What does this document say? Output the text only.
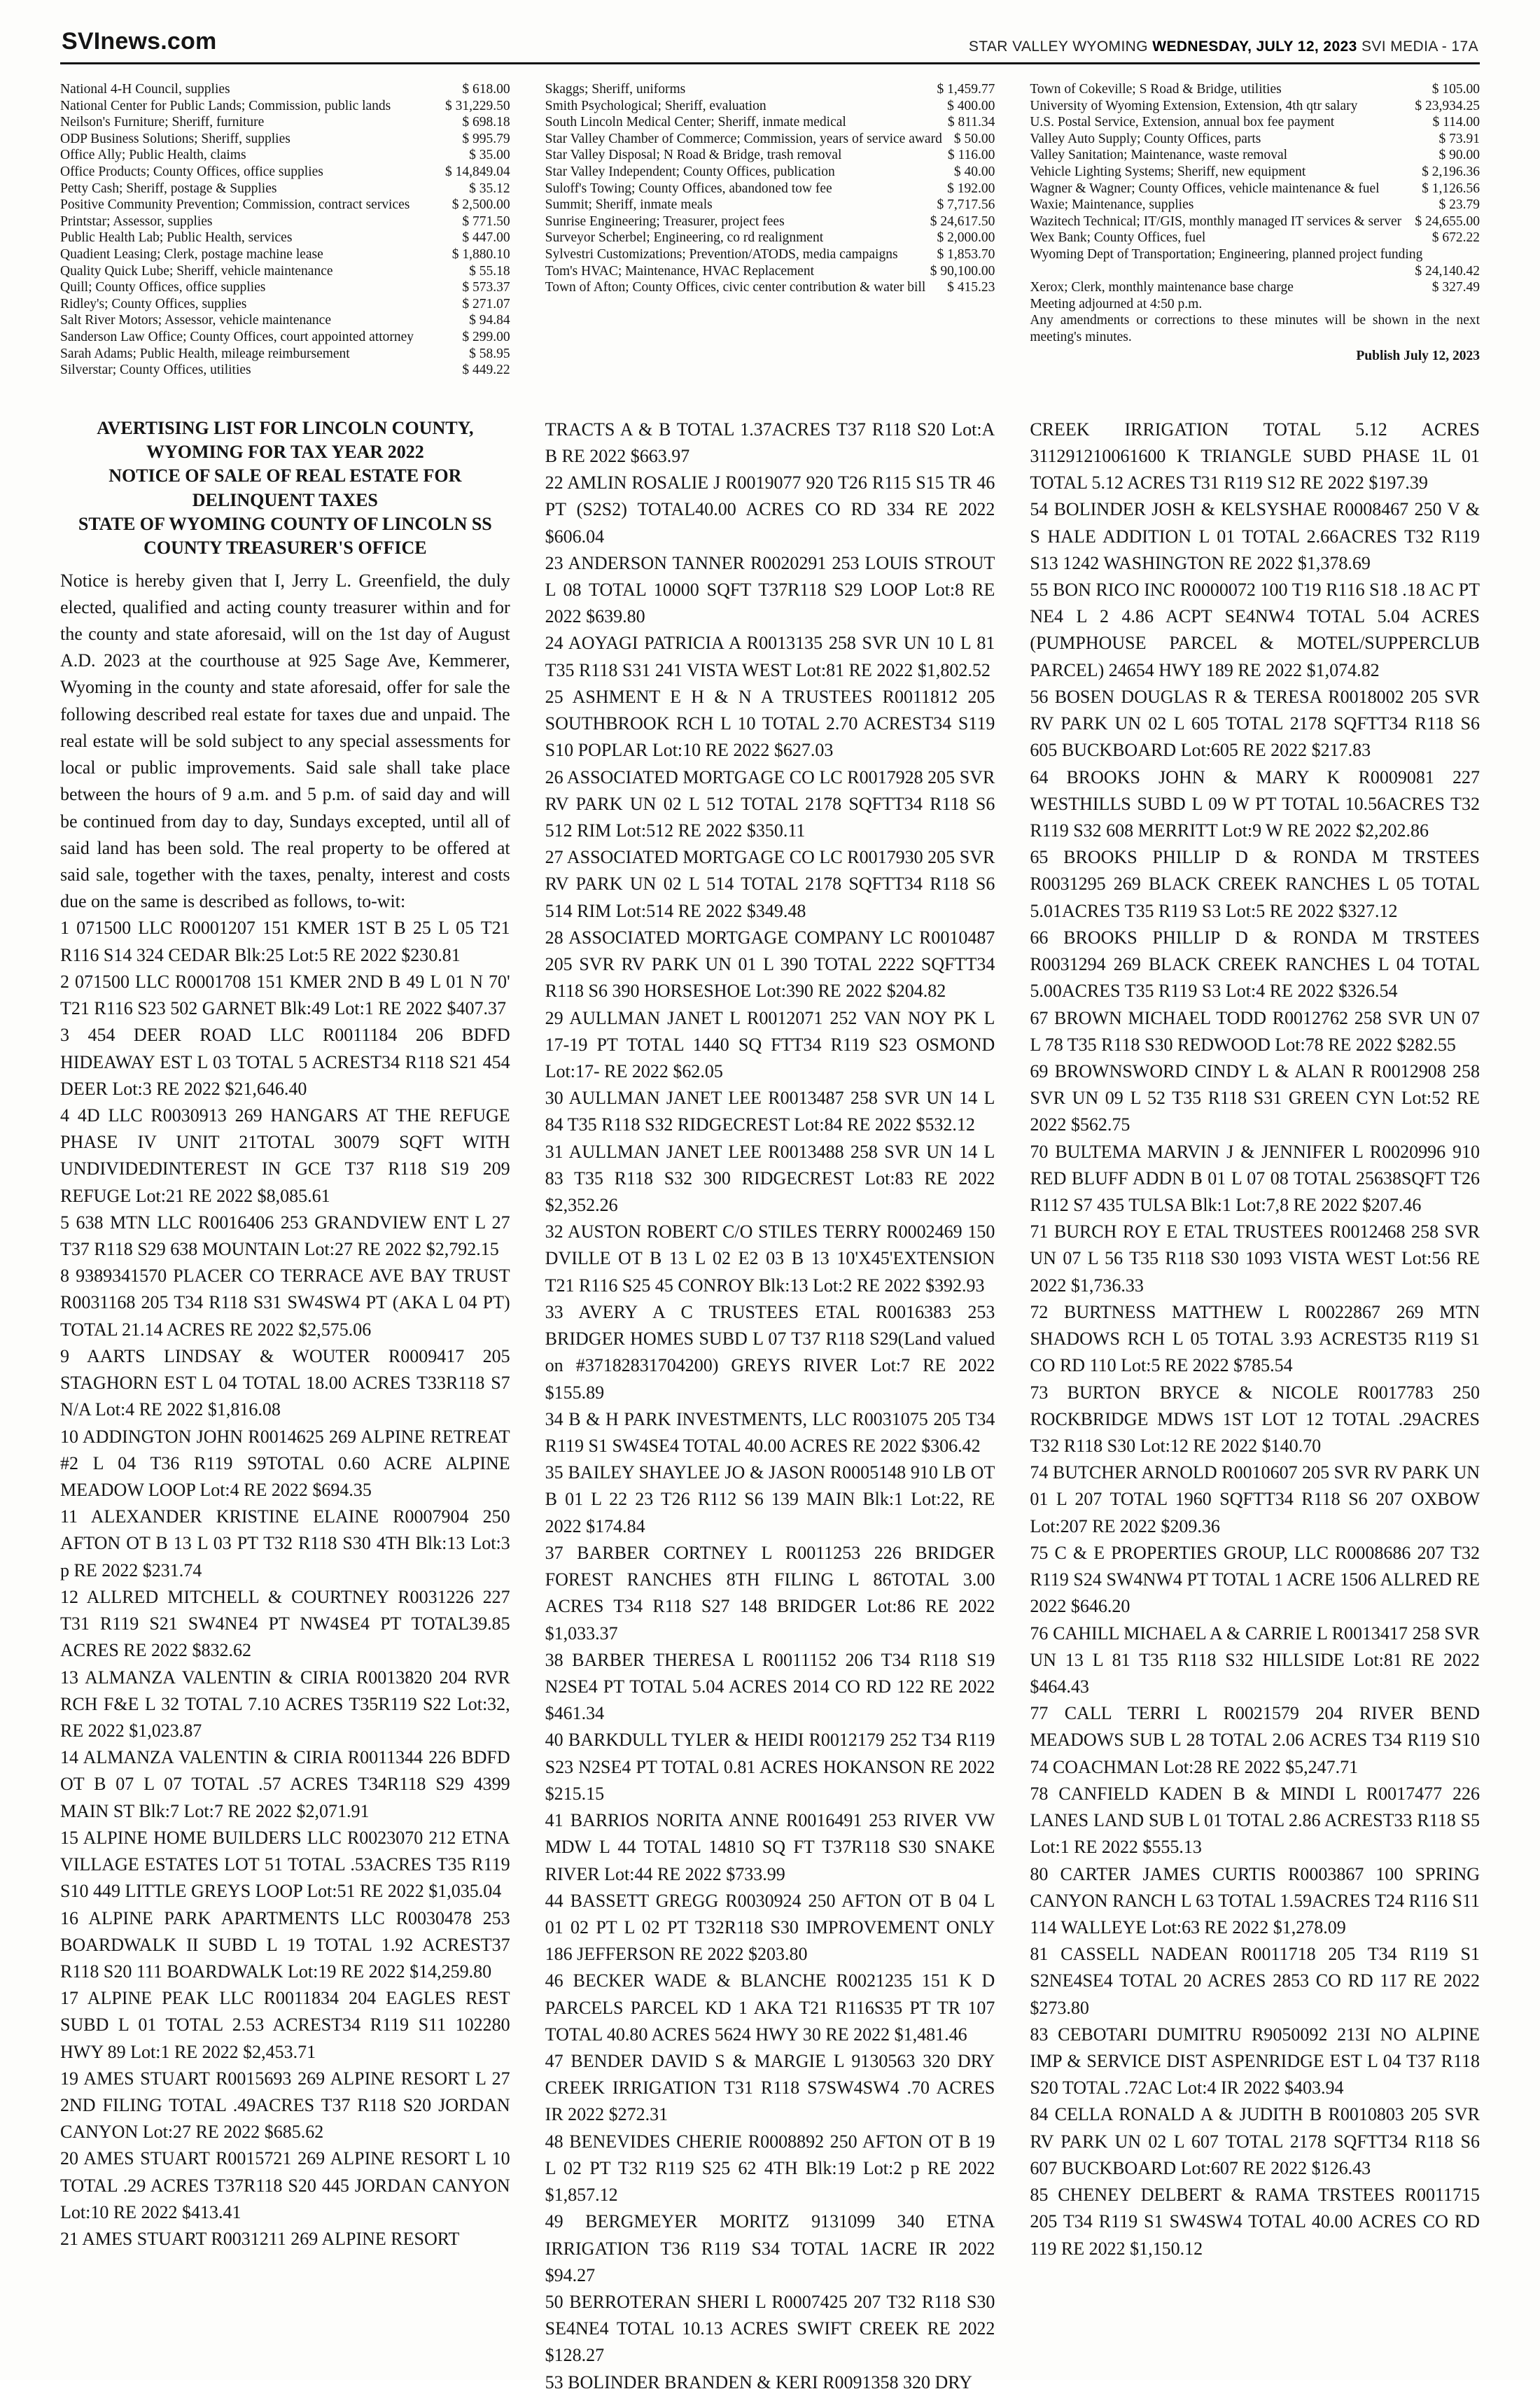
SVInews.com	STAR VALLEY WYOMING WEDNESDAY, JULY 12, 2023 SVI MEDIA - 17A

National 4-H Council, supplies	$ 618.00

National Center for Public Lands; Commission, public lands	$ 31,229.50

Neilson's Furniture; Sheriff, furniture	$ 698.18

ODP Business Solutions; Sheriff, supplies	$ 995.79

Office Ally; Public Health, claims	$ 35.00

Office Products; County Offices, office supplies	$ 14,849.04

Petty Cash; Sheriff, postage & Supplies	$ 35.12

Positive Community Prevention; Commission, contract services	$ 2,500.00

Printstar; Assessor, supplies	$ 771.50

Public Health Lab; Public Health, services	$ 447.00

Quadient Leasing; Clerk, postage machine lease	$ 1,880.10

Quality Quick Lube; Sheriff, vehicle maintenance	$ 55.18

Quill; County Offices, office supplies	$ 573.37

Ridley's; County Offices, supplies	$ 271.07

Salt River Motors; Assessor, vehicle maintenance	$ 94.84

Sanderson Law Office; County Offices, court appointed attorney	$ 299.00

Sarah Adams; Public Health, mileage reimbursement	$ 58.95

Silverstar; County Offices, utilities	$ 449.22

Skaggs; Sheriff, uniforms	$ 1,459.77

Smith Psychological; Sheriff, evaluation	$ 400.00

South Lincoln Medical Center; Sheriff, inmate medical	$ 811.34

Star Valley Chamber of Commerce; Commission, years of service award $ 50.00

Star Valley Disposal; N Road & Bridge, trash removal	$ 116.00

Star Valley Independent; County Offices, publication	$ 40.00

Suloff's Towing; County Offices, abandoned tow fee	$ 192.00

Summit; Sheriff, inmate meals	$ 7,717.56

Sunrise Engineering; Treasurer, project fees	$ 24,617.50

Surveyor Scherbel; Engineering, co rd realignment	$ 2,000.00

Sylvestri Customizations; Prevention/ATODS, media campaigns	$ 1,853.70

Tom's HVAC; Maintenance, HVAC Replacement	$ 90,100.00

Town of Afton; County Offices, civic center contribution & water bill	$ 415.23

Town of Cokeville; S Road & Bridge, utilities	$ 105.00

University of Wyoming Extension, Extension, 4th qtr salary	$ 23,934.25

U.S. Postal Service, Extension, annual box fee payment	$ 114.00

Valley Auto Supply; County Offices, parts	$ 73.91

Valley Sanitation; Maintenance, waste removal	$ 90.00

Vehicle Lighting Systems; Sheriff, new equipment	$ 2,196.36

Wagner & Wagner; County Offices, vehicle maintenance & fuel	$ 1,126.56

Waxie; Maintenance, supplies	$ 23.79

Wazitech Technical; IT/GIS, monthly managed IT services & server $ 24,655.00

Wex Bank; County Offices, fuel	$ 672.22

Wyoming Dept of Transportation; Engineering, planned project funding
$ 24,140.42

Xerox; Clerk, monthly maintenance base charge	$ 327.49

Meeting adjourned at 4:50 p.m.

Any amendments or corrections to these minutes will be shown in the next meeting's minutes.

Publish July 12, 2023

AVERTISING LIST FOR LINCOLN COUNTY,
WYOMING FOR TAX YEAR 2022
NOTICE OF SALE OF REAL ESTATE FOR
DELINQUENT TAXES
STATE OF WYOMING COUNTY OF LINCOLN SS
COUNTY TREASURER'S OFFICE

Notice is hereby given that I, Jerry L. Greenfield, the duly elected, qualified and acting county treasurer within and for the county and state aforesaid, will on the 1st day of August A.D. 2023 at the courthouse at 925 Sage Ave, Kemmerer, Wyoming in the county and state aforesaid, offer for sale the following described real estate for taxes due and unpaid. The real estate will be sold subject to any special assessments for local or public improvements. Said sale shall take place between the hours of 9 a.m. and 5 p.m. of said day and will be continued from day to day, Sundays excepted, until all of said land has been sold. The real property to be offered at said sale, together with the taxes, penalty, interest and costs due on the same is described as follows, to-wit:

1 071500 LLC R0001207 151 KMER 1ST B 25 L 05 T21 R116 S14 324 CEDAR Blk:25 Lot:5 RE 2022 $230.81

2 071500 LLC R0001708 151 KMER 2ND B 49 L 01 N 70' T21 R116 S23 502 GARNET Blk:49 Lot:1 RE 2022 $407.37

3 454 DEER ROAD LLC R0011184 206 BDFD HIDEAWAY EST L 03 TOTAL 5 ACREST34 R118 S21 454 DEER Lot:3 RE 2022 $21,646.40

4 4D LLC R0030913 269 HANGARS AT THE REFUGE PHASE IV UNIT 21TOTAL 30079 SQFT WITH UNDIVIDEDINTEREST IN GCE T37 R118 S19 209 REFUGE Lot:21 RE 2022 $8,085.61

5 638 MTN LLC R0016406 253 GRANDVIEW ENT L 27 T37 R118 S29 638 MOUNTAIN Lot:27 RE 2022 $2,792.15

8 9389341570 PLACER CO TERRACE AVE BAY TRUST R0031168 205 T34 R118 S31 SW4SW4 PT (AKA L 04 PT) TOTAL 21.14 ACRES RE 2022 $2,575.06

9 AARTS LINDSAY & WOUTER R0009417 205 STAGHORN EST L 04 TOTAL 18.00 ACRES T33R118 S7 N/A Lot:4 RE 2022 $1,816.08

10 ADDINGTON JOHN R0014625 269 ALPINE RETREAT #2 L 04 T36 R119 S9TOTAL 0.60 ACRE ALPINE MEADOW LOOP Lot:4 RE 2022 $694.35

11 ALEXANDER KRISTINE ELAINE R0007904 250 AFTON OT B 13 L 03 PT T32 R118 S30 4TH Blk:13 Lot:3 p RE 2022 $231.74

12 ALLRED MITCHELL & COURTNEY R0031226 227 T31 R119 S21 SW4NE4 PT NW4SE4 PT TOTAL39.85 ACRES RE 2022 $832.62

13 ALMANZA VALENTIN & CIRIA R0013820 204 RVR RCH F&E L 32 TOTAL 7.10 ACRES T35R119 S22 Lot:32, RE 2022 $1,023.87

14 ALMANZA VALENTIN & CIRIA R0011344 226 BDFD OT B 07 L 07 TOTAL .57 ACRES T34R118 S29 4399 MAIN ST Blk:7 Lot:7 RE 2022 $2,071.91

15 ALPINE HOME BUILDERS LLC R0023070 212 ETNA VILLAGE ESTATES LOT 51 TOTAL .53ACRES T35 R119 S10 449 LITTLE GREYS LOOP Lot:51 RE 2022 $1,035.04

16 ALPINE PARK APARTMENTS LLC R0030478 253 BOARDWALK II SUBD L 19 TOTAL 1.92 ACREST37 R118 S20 111 BOARDWALK Lot:19 RE 2022 $14,259.80

17 ALPINE PEAK LLC R0011834 204 EAGLES REST SUBD L 01 TOTAL 2.53 ACREST34 R119 S11 102280 HWY 89 Lot:1 RE 2022 $2,453.71

19 AMES STUART R0015693 269 ALPINE RESORT L 27 2ND FILING TOTAL .49ACRES T37 R118 S20 JORDAN CANYON Lot:27 RE 2022 $685.62

20 AMES STUART R0015721 269 ALPINE RESORT L 10 TOTAL .29 ACRES T37R118 S20 445 JORDAN CANYON Lot:10 RE 2022 $413.41

21 AMES STUART R0031211 269 ALPINE RESORT

TRACTS A & B TOTAL 1.37ACRES T37 R118 S20 Lot:A B RE 2022 $663.97

22 AMLIN ROSALIE J R0019077 920 T26 R115 S15 TR 46 PT (S2S2) TOTAL40.00 ACRES CO RD 334 RE 2022 $606.04

23 ANDERSON TANNER R0020291 253 LOUIS STROUT L 08 TOTAL 10000 SQFT T37R118 S29 LOOP Lot:8 RE 2022 $639.80

24 AOYAGI PATRICIA A R0013135 258 SVR UN 10 L 81 T35 R118 S31 241 VISTA WEST Lot:81 RE 2022 $1,802.52

25 ASHMENT E H & N A TRUSTEES R0011812 205 SOUTHBROOK RCH L 10 TOTAL 2.70 ACREST34 S119 S10 POPLAR Lot:10 RE 2022 $627.03

26 ASSOCIATED MORTGAGE CO LC R0017928 205 SVR RV PARK UN 02 L 512 TOTAL 2178 SQFTT34 R118 S6 512 RIM Lot:512 RE 2022 $350.11

27 ASSOCIATED MORTGAGE CO LC R0017930 205 SVR RV PARK UN 02 L 514 TOTAL 2178 SQFTT34 R118 S6 514 RIM Lot:514 RE 2022 $349.48

28 ASSOCIATED MORTGAGE COMPANY LC R0010487 205 SVR RV PARK UN 01 L 390 TOTAL 2222 SQFTT34 R118 S6 390 HORSESHOE Lot:390 RE 2022 $204.82

29 AULLMAN JANET L R0012071 252 VAN NOY PK L 17-19 PT TOTAL 1440 SQ FTT34 R119 S23 OSMOND Lot:17- RE 2022 $62.05

30 AULLMAN JANET LEE R0013487 258 SVR UN 14 L 84 T35 R118 S32 RIDGECREST Lot:84 RE 2022 $532.12

31 AULLMAN JANET LEE R0013488 258 SVR UN 14 L 83 T35 R118 S32 300 RIDGECREST Lot:83 RE 2022 $2,352.26

32 AUSTON ROBERT C/O STILES TERRY R0002469 150 DVILLE OT B 13 L 02 E2 03 B 13 10'X45'EXTENSION T21 R116 S25 45 CONROY Blk:13 Lot:2 RE 2022 $392.93

33 AVERY A C TRUSTEES ETAL R0016383 253 BRIDGER HOMES SUBD L 07 T37 R118 S29(Land valued on #37182831704200) GREYS RIVER Lot:7 RE 2022 $155.89

34 B & H PARK INVESTMENTS, LLC R0031075 205 T34 R119 S1 SW4SE4 TOTAL 40.00 ACRES RE 2022 $306.42

35 BAILEY SHAYLEE JO & JASON R0005148 910 LB OT B 01 L 22 23 T26 R112 S6 139 MAIN Blk:1 Lot:22, RE 2022 $174.84

37 BARBER CORTNEY L R0011253 226 BRIDGER FOREST RANCHES 8TH FILING L 86TOTAL 3.00 ACRES T34 R118 S27 148 BRIDGER Lot:86 RE 2022 $1,033.37

38 BARBER THERESA L R0011152 206 T34 R118 S19 N2SE4 PT TOTAL 5.04 ACRES 2014 CO RD 122 RE 2022 $461.34

40 BARKDULL TYLER & HEIDI R0012179 252 T34 R119 S23 N2SE4 PT TOTAL 0.81 ACRES HOKANSON RE 2022 $215.15

41 BARRIOS NORITA ANNE R0016491 253 RIVER VW MDW L 44 TOTAL 14810 SQ FT T37R118 S30 SNAKE RIVER Lot:44 RE 2022 $733.99

44 BASSETT GREGG R0030924 250 AFTON OT B 04 L 01 02 PT L 02 PT T32R118 S30 IMPROVEMENT ONLY 186 JEFFERSON RE 2022 $203.80

46 BECKER WADE & BLANCHE R0021235 151 K D PARCELS PARCEL KD 1 AKA T21 R116S35 PT TR 107 TOTAL 40.80 ACRES 5624 HWY 30 RE 2022 $1,481.46

47 BENDER DAVID S & MARGIE L 9130563 320 DRY CREEK IRRIGATION T31 R118 S7SW4SW4 .70 ACRES IR 2022 $272.31

48 BENEVIDES CHERIE R0008892 250 AFTON OT B 19 L 02 PT T32 R119 S25 62 4TH Blk:19 Lot:2 p RE 2022 $1,857.12

49 BERGMEYER MORITZ 9131099 340 ETNA IRRIGATION T36 R119 S34 TOTAL 1ACRE IR 2022 $94.27

50 BERROTERAN SHERI L R0007425 207 T32 R118 S30 SE4NE4 TOTAL 10.13 ACRES SWIFT CREEK RE 2022 $128.27

53 BOLINDER BRANDEN & KERI R0091358 320 DRY

CREEK IRRIGATION TOTAL 5.12 ACRES 311291210061600 K TRIANGLE SUBD PHASE 1L 01 TOTAL 5.12 ACRES T31 R119 S12 RE 2022 $197.39

54 BOLINDER JOSH & KELSYSHAE R0008467 250 V & S HALE ADDITION L 01 TOTAL 2.66ACRES T32 R119 S13 1242 WASHINGTON RE 2022 $1,378.69

55 BON RICO INC R0000072 100 T19 R116 S18 .18 AC PT NE4 L 2 4.86 ACPT SE4NW4 TOTAL 5.04 ACRES (PUMPHOUSE PARCEL & MOTEL/SUPPERCLUB PARCEL) 24654 HWY 189 RE 2022 $1,074.82

56 BOSEN DOUGLAS R & TERESA R0018002 205 SVR RV PARK UN 02 L 605 TOTAL 2178 SQFTT34 R118 S6 605 BUCKBOARD Lot:605 RE 2022 $217.83

64 BROOKS JOHN & MARY K R0009081 227 WESTHILLS SUBD L 09 W PT TOTAL 10.56ACRES T32 R119 S32 608 MERRITT Lot:9 W RE 2022 $2,202.86

65 BROOKS PHILLIP D & RONDA M TRSTEES R0031295 269 BLACK CREEK RANCHES L 05 TOTAL 5.01ACRES T35 R119 S3 Lot:5 RE 2022 $327.12

66 BROOKS PHILLIP D & RONDA M TRSTEES R0031294 269 BLACK CREEK RANCHES L 04 TOTAL 5.00ACRES T35 R119 S3 Lot:4 RE 2022 $326.54

67 BROWN MICHAEL TODD R0012762 258 SVR UN 07 L 78 T35 R118 S30 REDWOOD Lot:78 RE 2022 $282.55

69 BROWNSWORD CINDY L & ALAN R R0012908 258 SVR UN 09 L 52 T35 R118 S31 GREEN CYN Lot:52 RE 2022 $562.75

70 BULTEMA MARVIN J & JENNIFER L R0020996 910 RED BLUFF ADDN B 01 L 07 08 TOTAL 25638SQFT T26 R112 S7 435 TULSA Blk:1 Lot:7,8 RE 2022 $207.46

71 BURCH ROY E ETAL TRUSTEES R0012468 258 SVR UN 07 L 56 T35 R118 S30 1093 VISTA WEST Lot:56 RE 2022 $1,736.33

72 BURTNESS MATTHEW L R0022867 269 MTN SHADOWS RCH L 05 TOTAL 3.93 ACREST35 R119 S1 CO RD 110 Lot:5 RE 2022 $785.54

73 BURTON BRYCE & NICOLE R0017783 250 ROCKBRIDGE MDWS 1ST LOT 12 TOTAL .29ACRES T32 R118 S30 Lot:12 RE 2022 $140.70

74 BUTCHER ARNOLD R0010607 205 SVR RV PARK UN 01 L 207 TOTAL 1960 SQFTT34 R118 S6 207 OXBOW Lot:207 RE 2022 $209.36

75 C & E PROPERTIES GROUP, LLC R0008686 207 T32 R119 S24 SW4NW4 PT TOTAL 1 ACRE 1506 ALLRED RE 2022 $646.20

76 CAHILL MICHAEL A & CARRIE L R0013417 258 SVR UN 13 L 81 T35 R118 S32 HILLSIDE Lot:81 RE 2022 $464.43

77 CALL TERRI L R0021579 204 RIVER BEND MEADOWS SUB L 28 TOTAL 2.06 ACRES T34 R119 S10 74 COACHMAN Lot:28 RE 2022 $5,247.71

78 CANFIELD KADEN B & MINDI L R0017477 226 LANES LAND SUB L 01 TOTAL 2.86 ACREST33 R118 S5 Lot:1 RE 2022 $555.13

80 CARTER JAMES CURTIS R0003867 100 SPRING CANYON RANCH L 63 TOTAL 1.59ACRES T24 R116 S11 114 WALLEYE Lot:63 RE 2022 $1,278.09

81 CASSELL NADEAN R0011718 205 T34 R119 S1 S2NE4SE4 TOTAL 20 ACRES 2853 CO RD 117 RE 2022 $273.80

83 CEBOTARI DUMITRU R9050092 213I NO ALPINE IMP & SERVICE DIST ASPENRIDGE EST L 04 T37 R118 S20 TOTAL .72AC Lot:4 IR 2022 $403.94

84 CELLA RONALD A & JUDITH B R0010803 205 SVR RV PARK UN 02 L 607 TOTAL 2178 SQFTT34 R118 S6 607 BUCKBOARD Lot:607 RE 2022 $126.43

85 CHENEY DELBERT & RAMA TRSTEES R0011715 205 T34 R119 S1 SW4SW4 TOTAL 40.00 ACRES CO RD 119 RE 2022 $1,150.12
